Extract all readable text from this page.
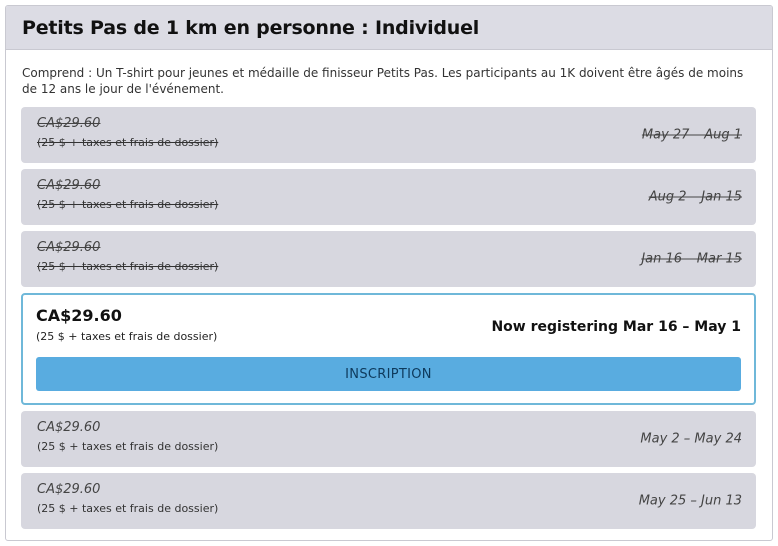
Petits Pas de 1 km en personne : Individuel

Comprend : Un T-shirt pour jeunes et médaille de finisseur Petits Pas. Les participants au 1K doivent être âgés de moins de 12 ans le jour de l'événement.

CA$29.60
(25 $ + taxes et frais de dossier)	May 27 – Aug 1
CA$29.60
(25 $ + taxes et frais de dossier)	Aug 2 – Jan 15
CA$29.60
(25 $ + taxes et frais de dossier)	Jan 16 – Mar 15
CA$29.60
(25 $ + taxes et frais de dossier)
Now registering Mar 16 – May 1
INSCRIPTION
CA$29.60
(25 $ + taxes et frais de dossier)	May 2 – May 24
CA$29.60
(25 $ + taxes et frais de dossier)	May 25 – Jun 13
